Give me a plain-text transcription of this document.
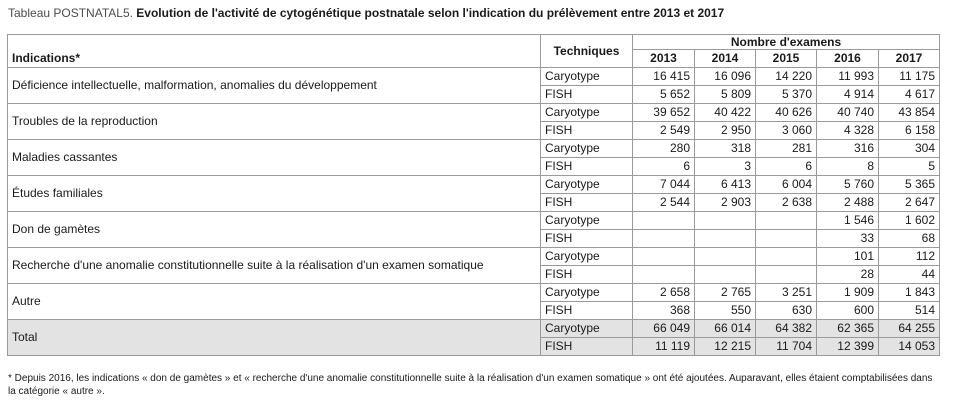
Tableau POSTNATAL5. Evolution de l'activité de cytogénétique postnatale selon l'indication du prélèvement entre 2013 et 2017
Indications*	Techniques	Nombre d'examens				
		2013	2014	2015	2016	2017
Déficience intellectuelle, malformation, anomalies du développement	Caryotype	16 415	16 096	14 220	11 993	11 175
	FISH	5 652	5 809	5 370	4 914	4 617
Troubles de la reproduction	Caryotype	39 652	40 422	40 626	40 740	43 854
	FISH	2 549	2 950	3 060	4 328	6 158
Maladies cassantes	Caryotype	280	318	281	316	304
	FISH	6	3	6	8	5
Études familiales	Caryotype	7 044	6 413	6 004	5 760	5 365
	FISH	2 544	2 903	2 638	2 488	2 647
Don de gamètes	Caryotype				1 546	1 602
	FISH				33	68
Recherche d'une anomalie constitutionnelle suite à la réalisation d'un examen somatique	Caryotype				101	112
	FISH				28	44
Autre	Caryotype	2 658	2 765	3 251	1 909	1 843
	FISH	368	550	630	600	514
Total	Caryotype	66 049	66 014	64 382	62 365	64 255
	FISH	11 119	12 215	11 704	12 399	14 053
* Depuis 2016, les indications « don de gamètes » et « recherche d'une anomalie constitutionnelle suite à la réalisation d'un examen somatique » ont été ajoutées. Auparavant, elles étaient comptabilisées dans la catégorie « autre ».
